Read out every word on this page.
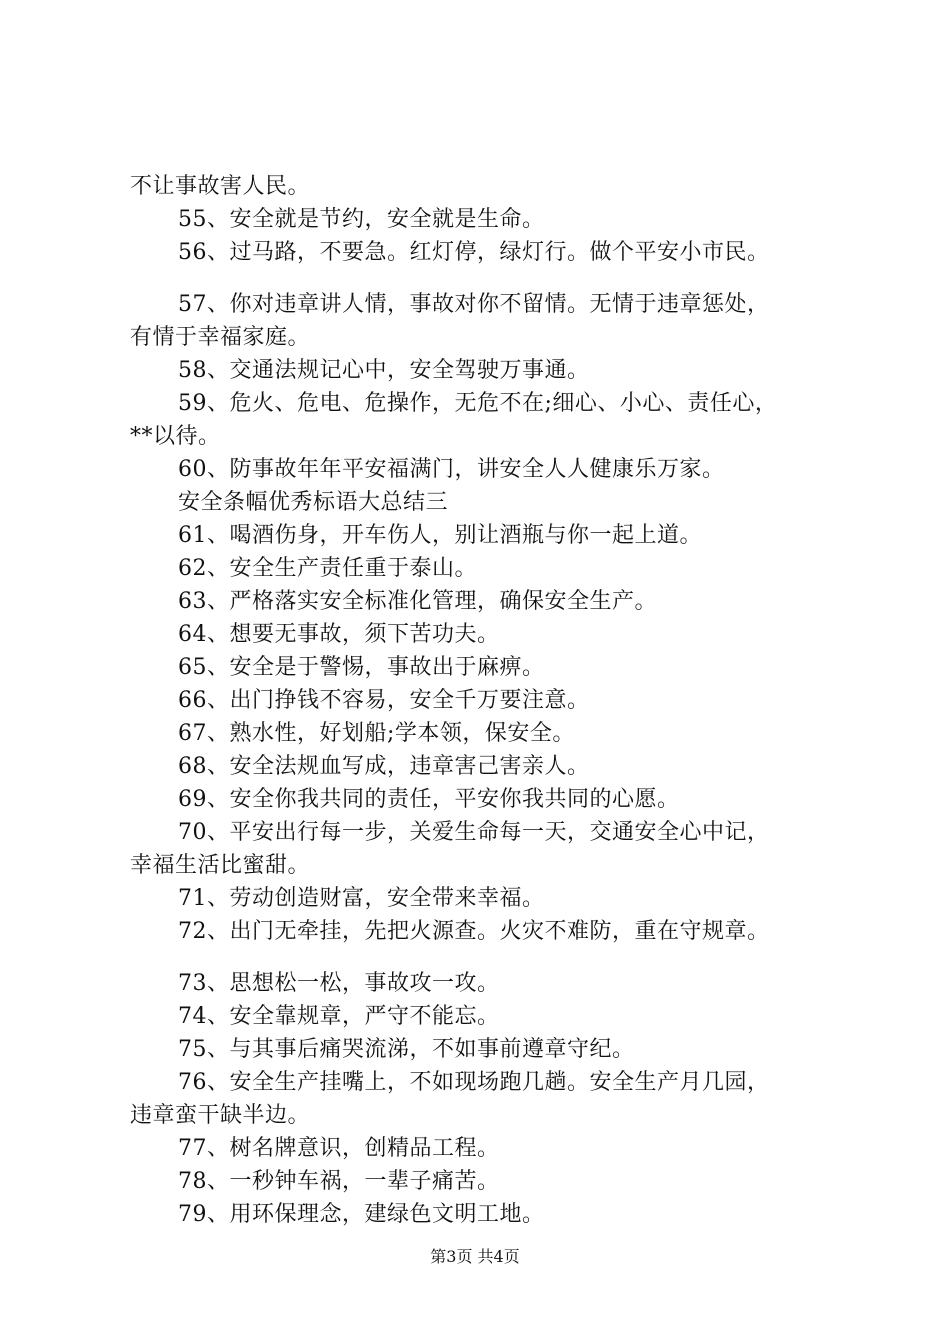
不让事故害人民。
55、安全就是节约，安全就是生命。
56、过马路，不要急。红灯停，绿灯行。做个平安小市民。
57、你对违章讲人情，事故对你不留情。无情于违章惩处，
有情于幸福家庭。
58、交通法规记心中，安全驾驶万事通。
59、危火、危电、危操作，无危不在;细心、小心、责任心，
**以待。
60、防事故年年平安福满门，讲安全人人健康乐万家。
安全条幅优秀标语大总结三
61、喝酒伤身，开车伤人，别让酒瓶与你一起上道。
62、安全生产责任重于泰山。
63、严格落实安全标准化管理，确保安全生产。
64、想要无事故，须下苦功夫。
65、安全是于警惕，事故出于麻痹。
66、出门挣钱不容易，安全千万要注意。
67、熟水性，好划船;学本领，保安全。
68、安全法规血写成，违章害己害亲人。
69、安全你我共同的责任，平安你我共同的心愿。
70、平安出行每一步，关爱生命每一天，交通安全心中记，
幸福生活比蜜甜。
71、劳动创造财富，安全带来幸福。
72、出门无牵挂，先把火源查。火灾不难防，重在守规章。
73、思想松一松，事故攻一攻。
74、安全靠规章，严守不能忘。
75、与其事后痛哭流涕，不如事前遵章守纪。
76、安全生产挂嘴上，不如现场跑几趟。安全生产月几园，
违章蛮干缺半边。
77、树名牌意识，创精品工程。
78、一秒钟车祸，一辈子痛苦。
79、用环保理念，建绿色文明工地。
第3页 共4页
